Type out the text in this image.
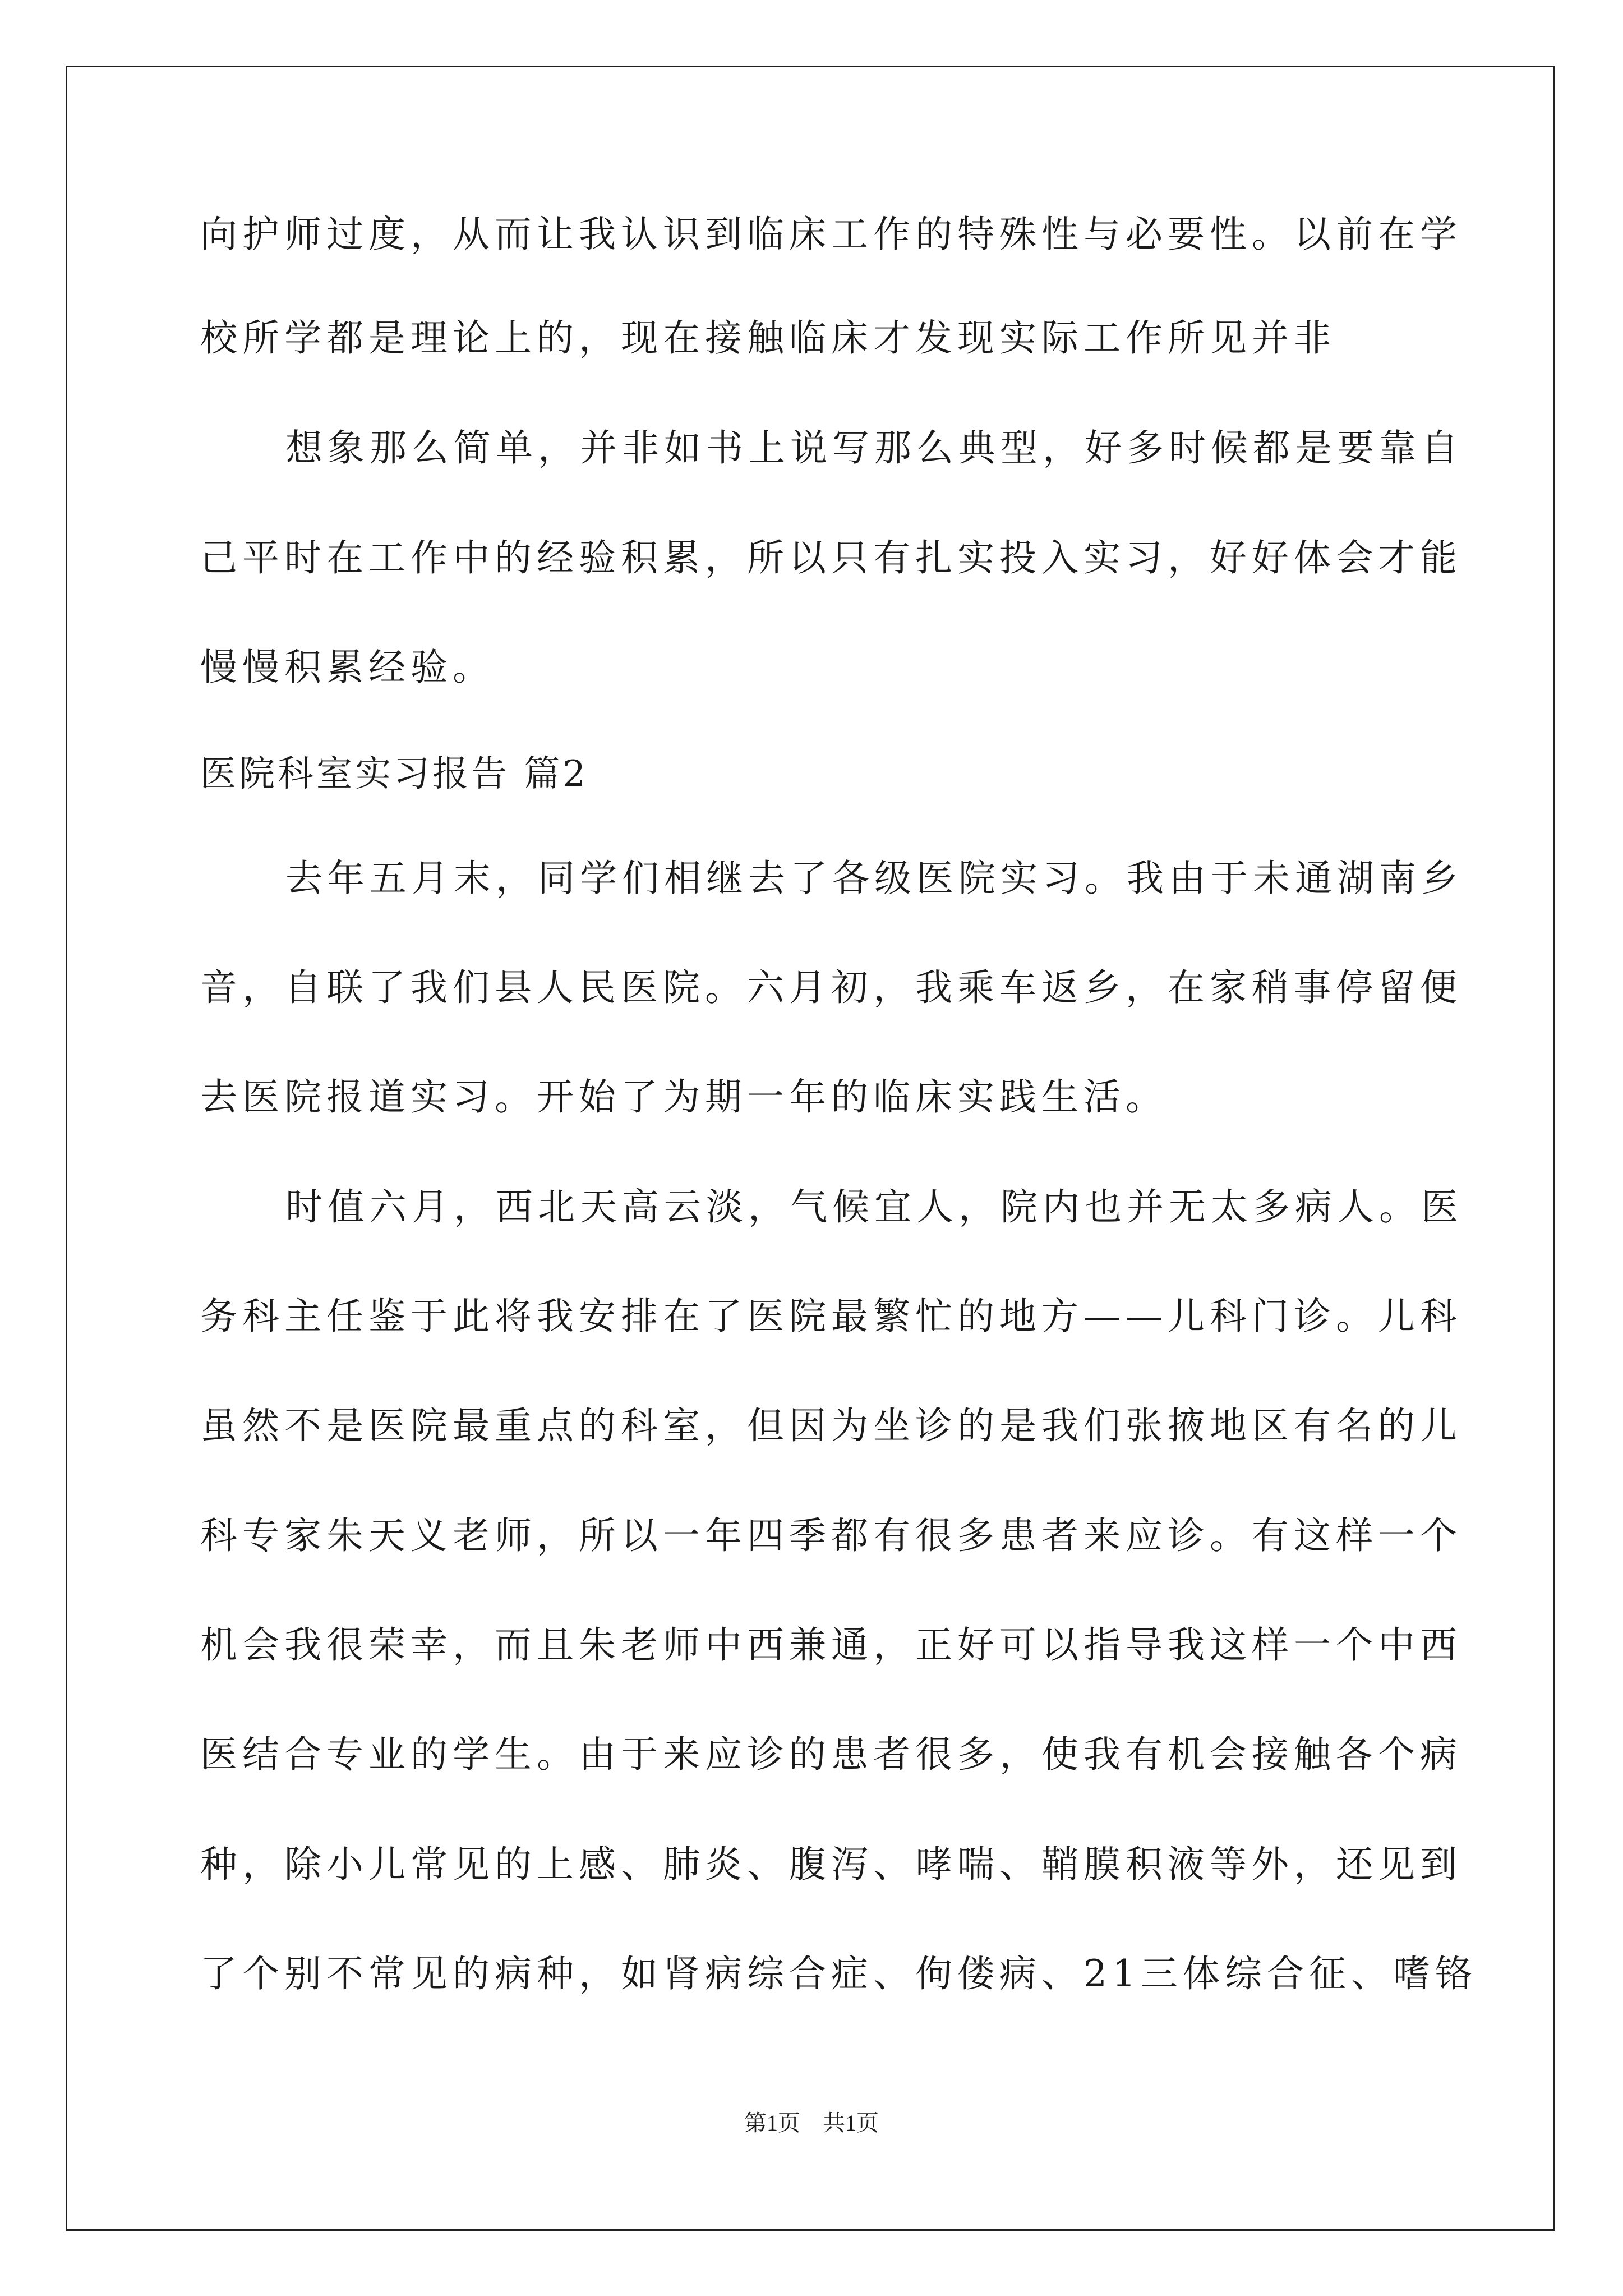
向护师过度，从而让我认识到临床工作的特殊性与必要性。以前在学
校所学都是理论上的，现在接触临床才发现实际工作所见并非
想象那么简单，并非如书上说写那么典型，好多时候都是要靠自
己平时在工作中的经验积累，所以只有扎实投入实习，好好体会才能
慢慢积累经验。
医院科室实习报告 篇2
去年五月末，同学们相继去了各级医院实习。我由于未通湖南乡
音，自联了我们县人民医院。六月初，我乘车返乡，在家稍事停留便
去医院报道实习。开始了为期一年的临床实践生活。
时值六月，西北天高云淡，气候宜人，院内也并无太多病人。医
务科主任鉴于此将我安排在了医院最繁忙的地方——儿科门诊。儿科
虽然不是医院最重点的科室，但因为坐诊的是我们张掖地区有名的儿
科专家朱天义老师，所以一年四季都有很多患者来应诊。有这样一个
机会我很荣幸，而且朱老师中西兼通，正好可以指导我这样一个中西
医结合专业的学生。由于来应诊的患者很多，使我有机会接触各个病
种，除小儿常见的上感、肺炎、腹泻、哮喘、鞘膜积液等外，还见到
了个别不常见的病种，如肾病综合症、佝偻病、21三体综合征、嗜铬
第1页　共1页
